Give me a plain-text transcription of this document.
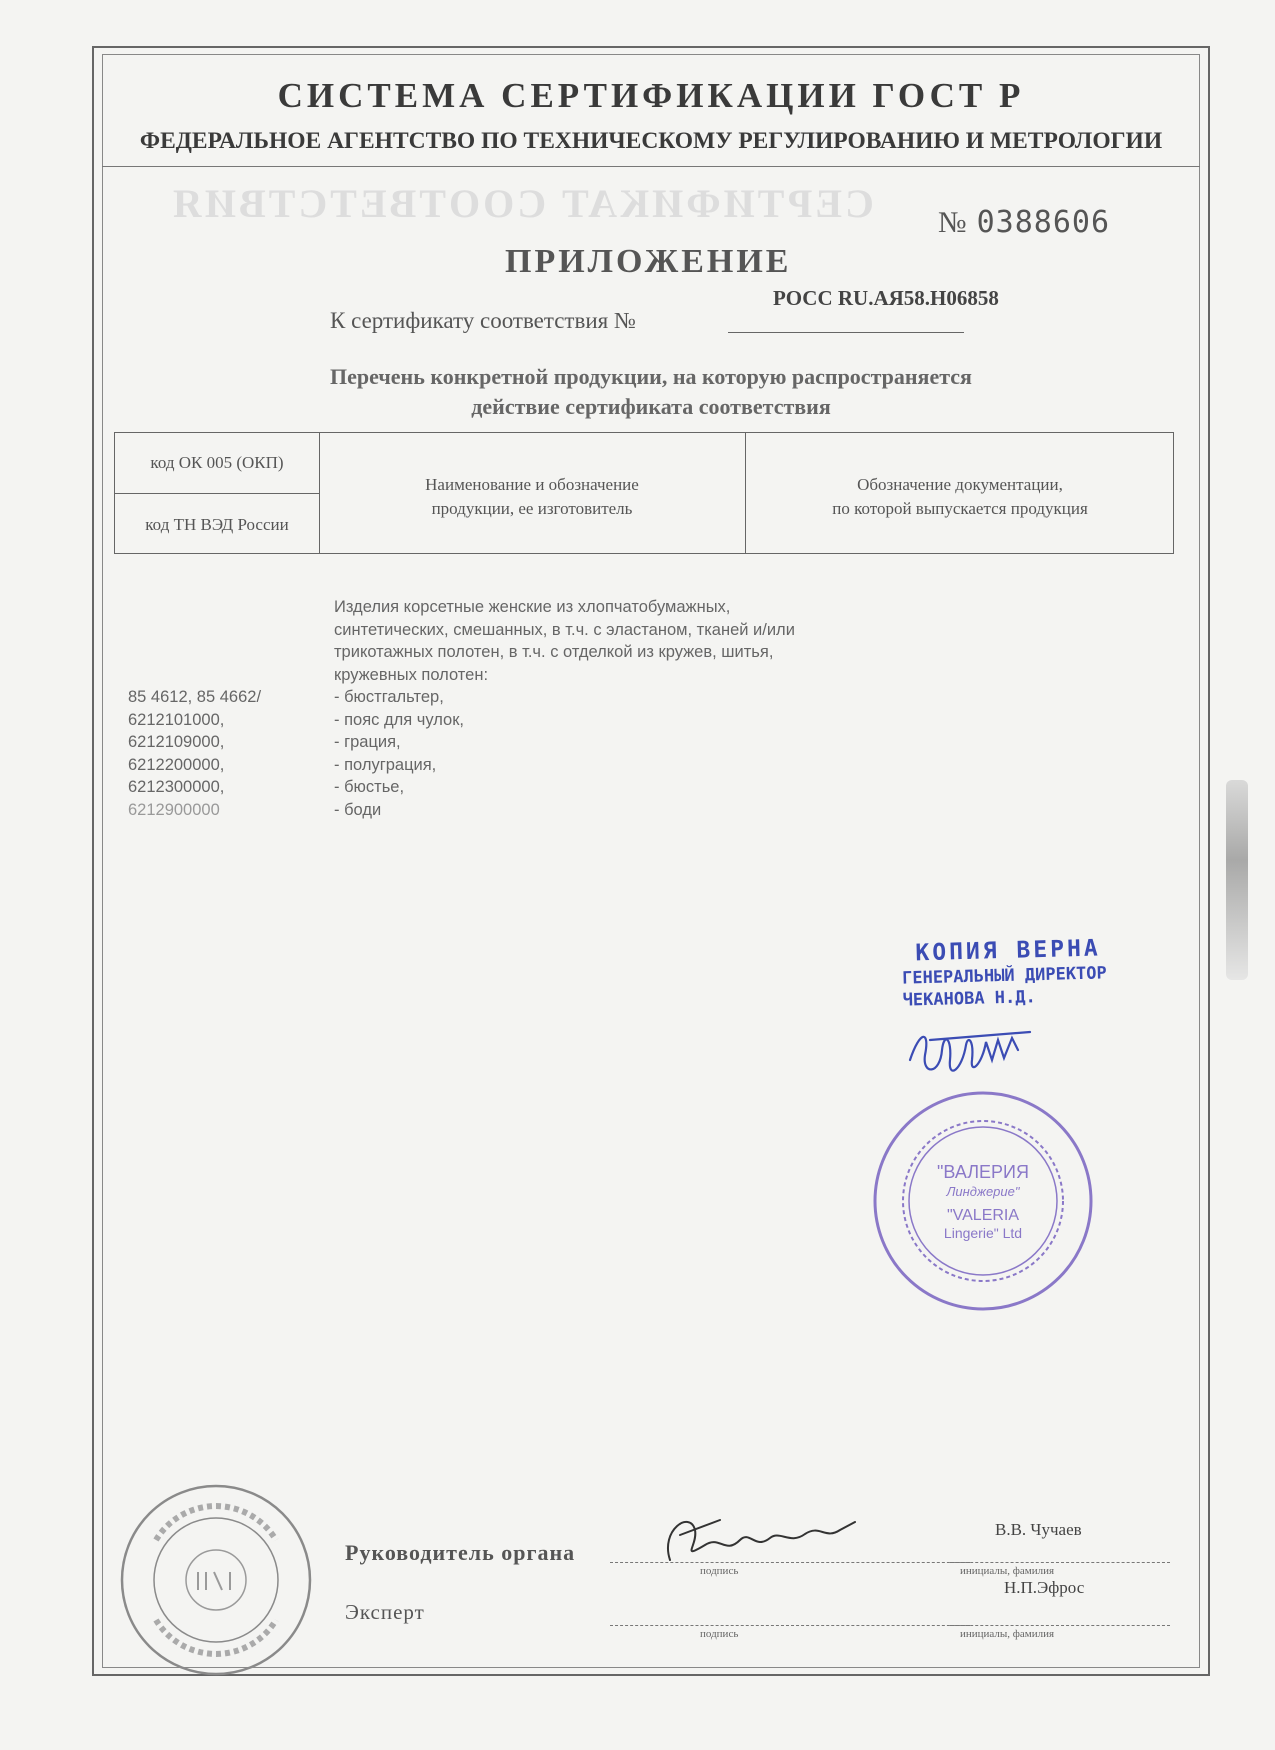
СЕРТИФИКАТ СООТВЕТСТВИЯ
СИСТЕМА СЕРТИФИКАЦИИ ГОСТ Р
ФЕДЕРАЛЬНОЕ АГЕНТСТВО ПО ТЕХНИЧЕСКОМУ РЕГУЛИРОВАНИЮ И МЕТРОЛОГИИ
№ 0388606
ПРИЛОЖЕНИЕ
РОСС RU.АЯ58.Н06858
К сертификату соответствия №
Перечень конкретной продукции, на которую распространяется
действие сертификата соответствия
код ОК 005 (ОКП)
код ТН ВЭД России
Наименование и обозначение
продукции, ее изготовитель
Обозначение документации,
по которой выпускается продукция
Изделия корсетные женские из хлопчатобумажных,
синтетических, смешанных, в т.ч. с эластаном, тканей и/или
трикотажных полотен, в т.ч. с отделкой из кружев, шитья,
кружевных полотен:
85 4612, 85 4662/
6212101000,
6212109000,
6212200000,
6212300000,
6212900000
- бюстгальтер,
- пояс для чулок,
- грация,
- полуграция,
- бюстье,
- боди
КОПИЯ ВЕРНА
ГЕНЕРАЛЬНЫЙ ДИРЕКТОР
ЧЕКАНОВА Н.Д.
"ВАЛЕРИЯ
Линджерие"
"VALERIA
Lingerie" Ltd
Руководитель органа
Эксперт
подпись
подпись
инициалы, фамилия
инициалы, фамилия
В.В. Чучаев
Н.П.Эфрос
